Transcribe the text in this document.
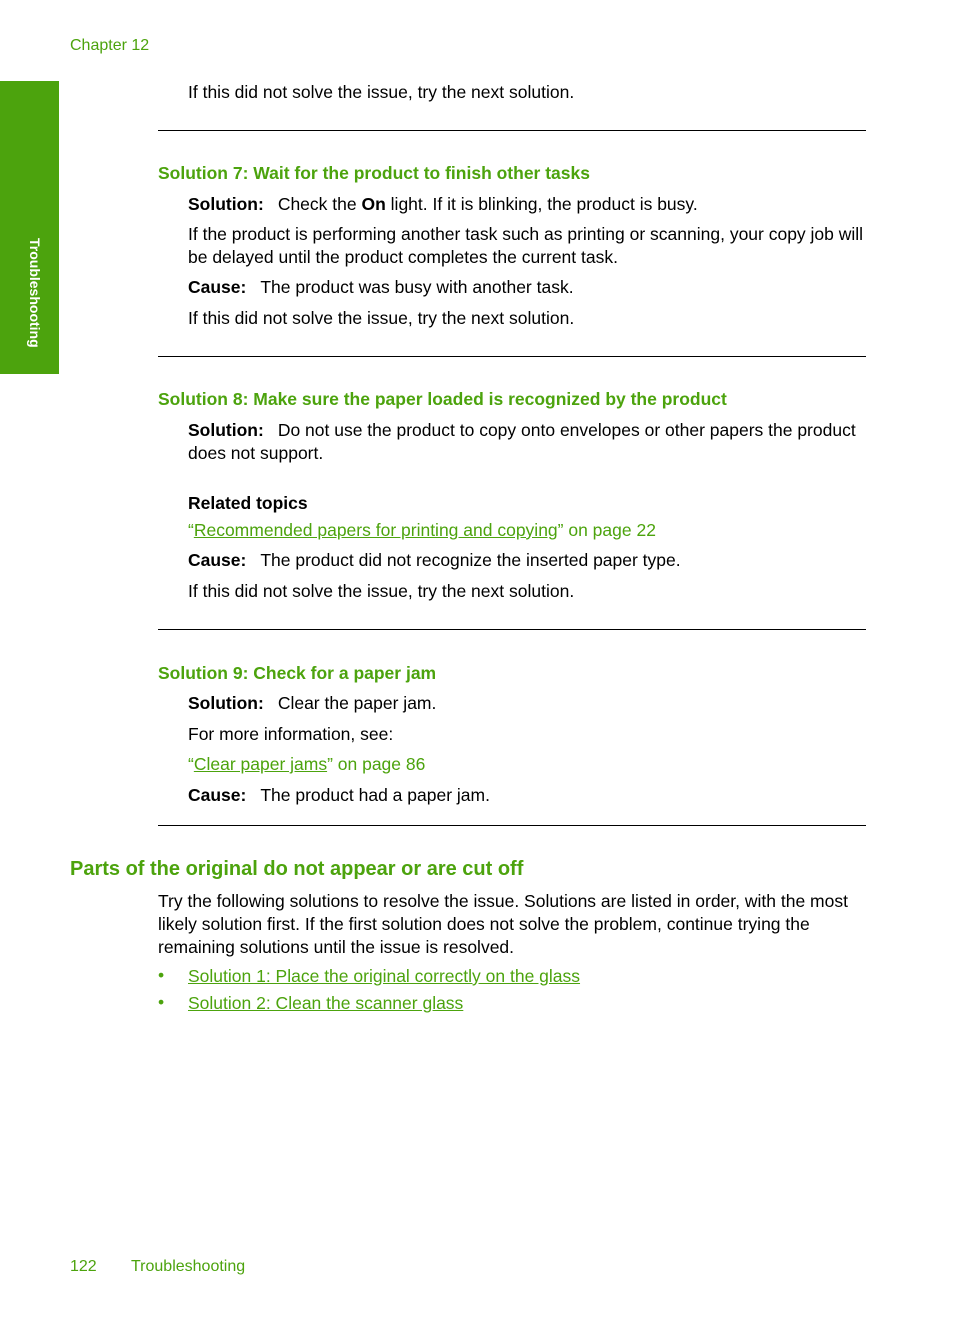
Chapter 12
Troubleshooting
If this did not solve the issue, try the next solution.
Solution 7: Wait for the product to finish other tasks
Solution: Check the On light. If it is blinking, the product is busy.
If the product is performing another task such as printing or scanning, your copy job will be delayed until the product completes the current task.
Cause: The product was busy with another task.
If this did not solve the issue, try the next solution.
Solution 8: Make sure the paper loaded is recognized by the product
Solution: Do not use the product to copy onto envelopes or other papers the product does not support.
Related topics
“Recommended papers for printing and copying” on page 22
Cause: The product did not recognize the inserted paper type.
If this did not solve the issue, try the next solution.
Solution 9: Check for a paper jam
Solution: Clear the paper jam.
For more information, see:
“Clear paper jams” on page 86
Cause: The product had a paper jam.
Parts of the original do not appear or are cut off
Try the following solutions to resolve the issue. Solutions are listed in order, with the most likely solution first. If the first solution does not solve the problem, continue trying the remaining solutions until the issue is resolved.
• Solution 1: Place the original correctly on the glass
• Solution 2: Clean the scanner glass
122 Troubleshooting
